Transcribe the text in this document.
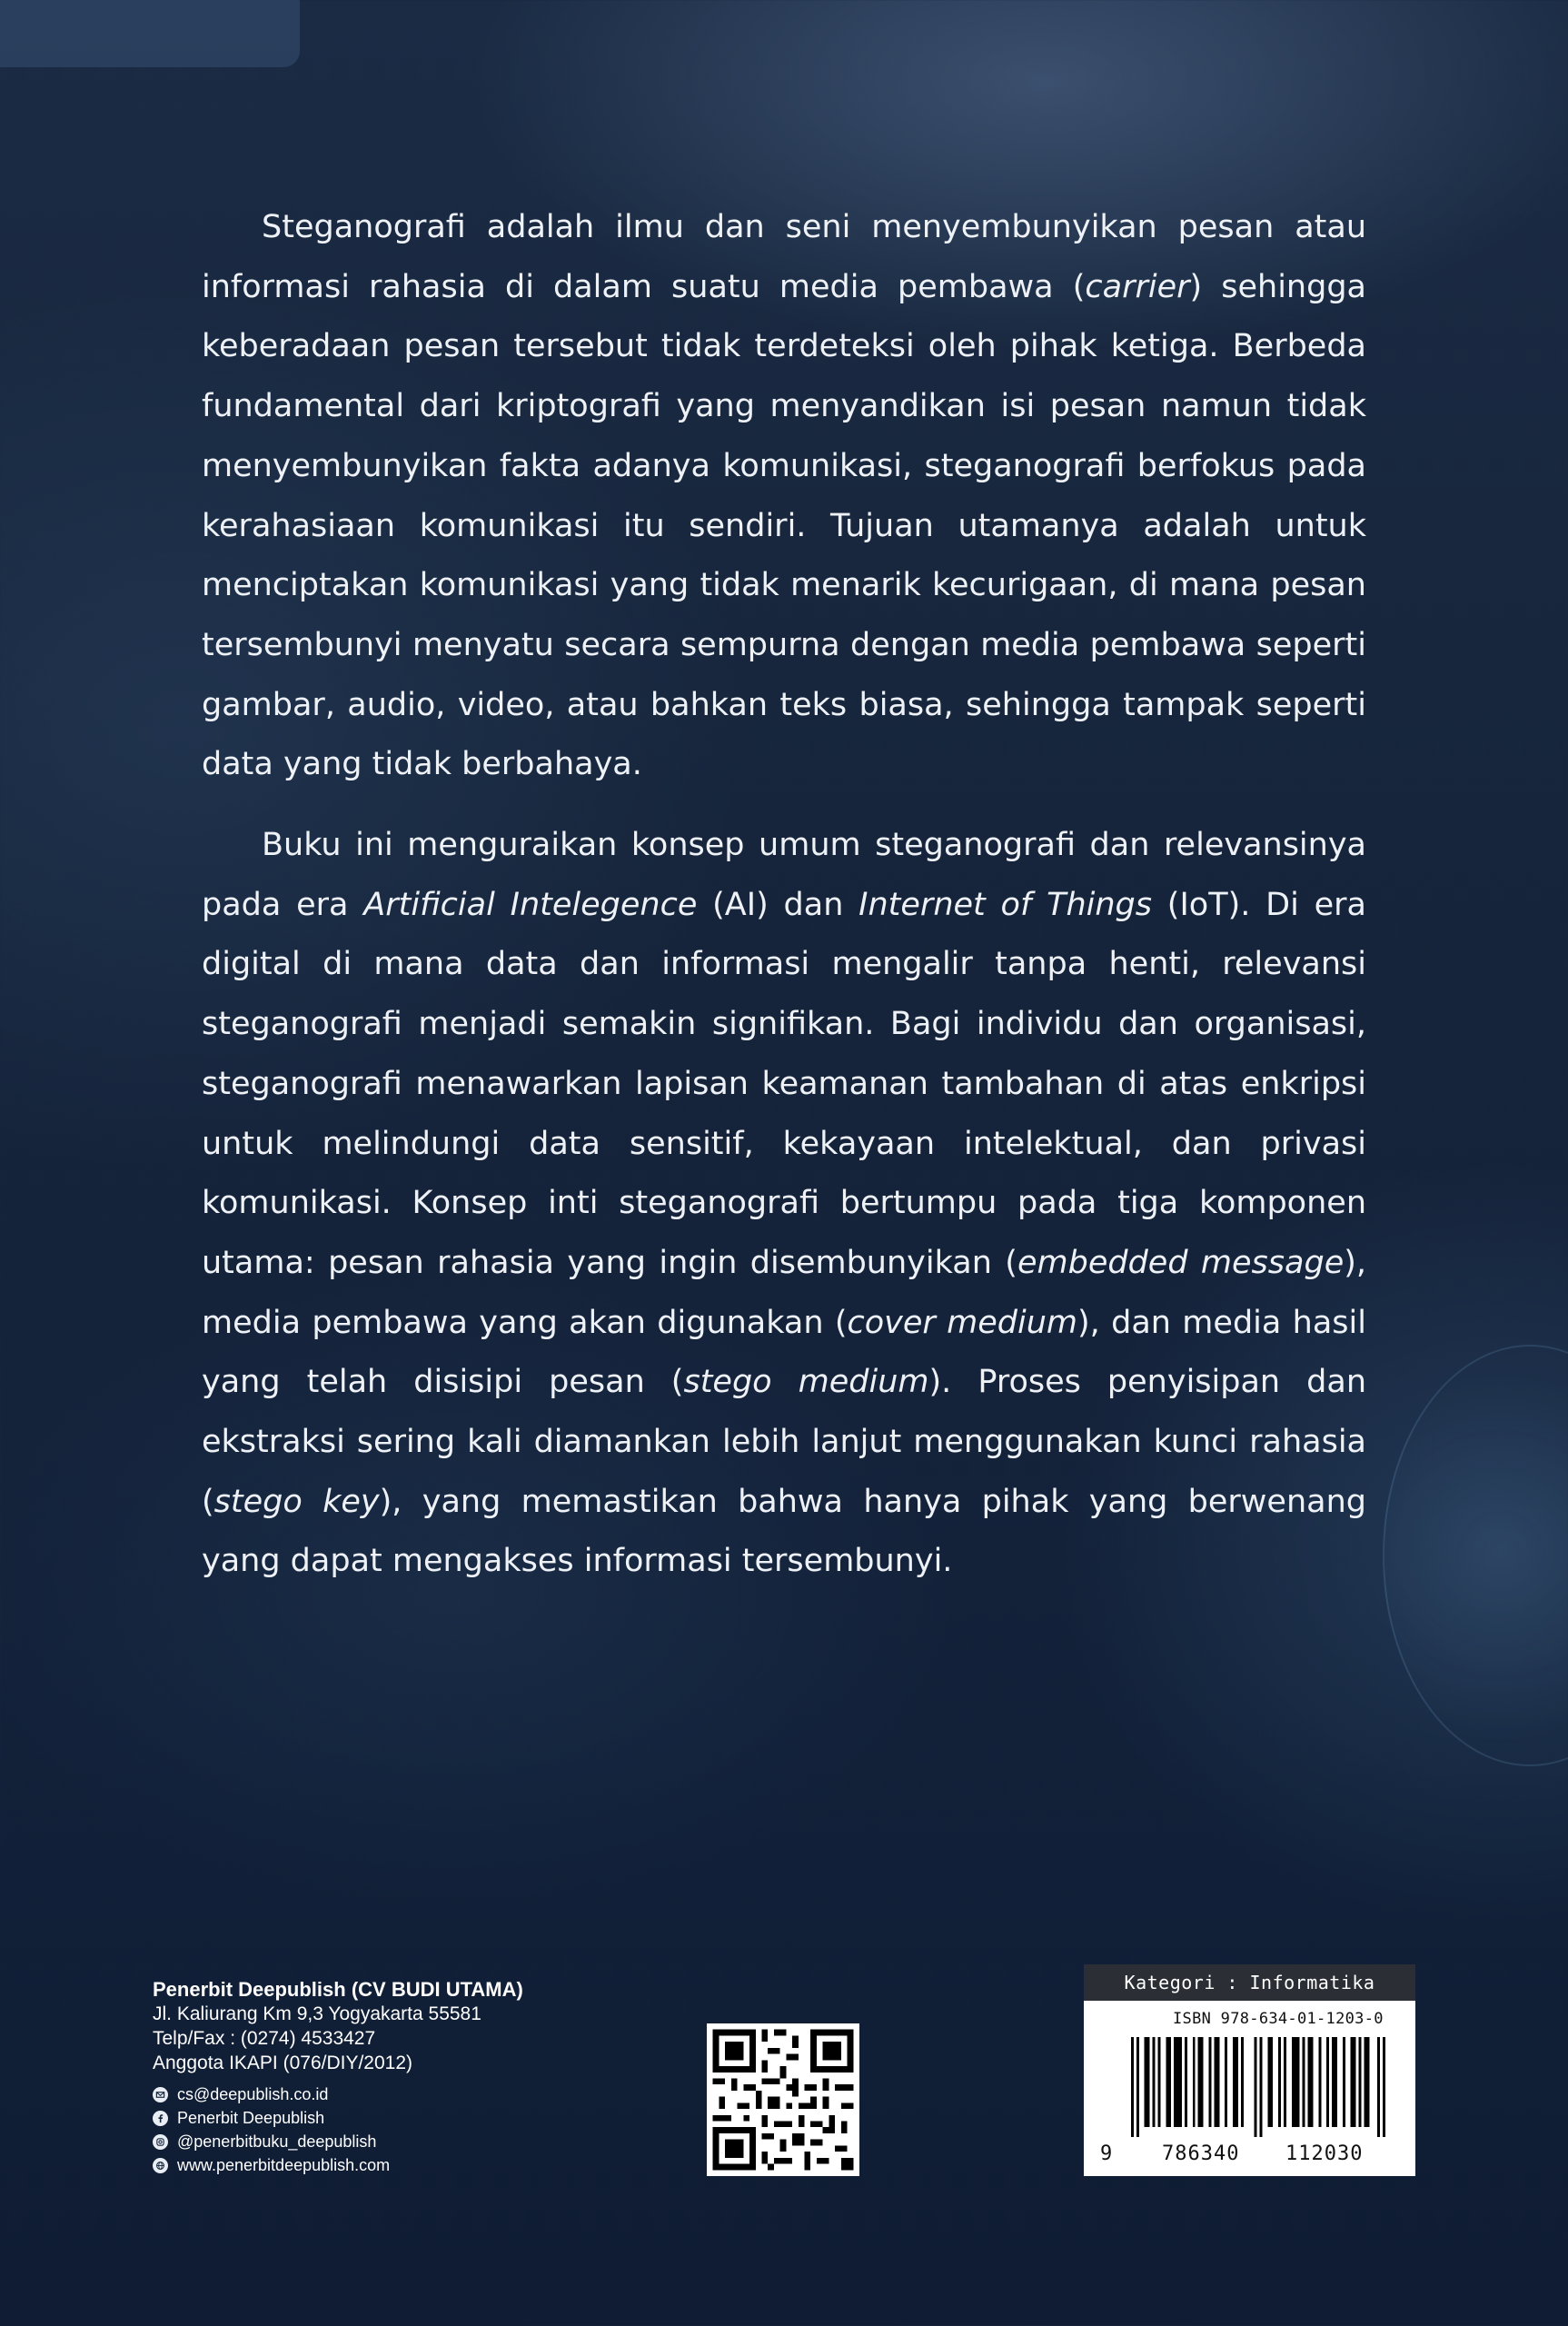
Steganografi adalah ilmu dan seni menyembunyikan pesan atau informasi rahasia di dalam suatu media pembawa (carrier) sehingga keberadaan pesan tersebut tidak terdeteksi oleh pihak ketiga. Berbeda fundamental dari kriptografi yang menyandikan isi pesan namun tidak menyembunyikan fakta adanya komunikasi, steganografi berfokus pada kerahasiaan komunikasi itu sendiri. Tujuan utamanya adalah untuk menciptakan komunikasi yang tidak menarik kecurigaan, di mana pesan tersembunyi menyatu secara sempurna dengan media pembawa seperti gambar, audio, video, atau bahkan teks biasa, sehingga tampak seperti data yang tidak berbahaya.

Buku ini menguraikan konsep umum steganografi dan relevansinya pada era Artificial Intelegence (AI) dan Internet of Things (IoT). Di era digital di mana data dan informasi mengalir tanpa henti, relevansi steganografi menjadi semakin signifikan. Bagi individu dan organisasi, steganografi menawarkan lapisan keamanan tambahan di atas enkripsi untuk melindungi data sensitif, kekayaan intelektual, dan privasi komunikasi. Konsep inti steganografi bertumpu pada tiga komponen utama: pesan rahasia yang ingin disembunyikan (embedded message), media pembawa yang akan digunakan (cover medium), dan media hasil yang telah disisipi pesan (stego medium). Proses penyisipan dan ekstraksi sering kali diamankan lebih lanjut menggunakan kunci rahasia (stego key), yang memastikan bahwa hanya pihak yang berwenang yang dapat mengakses informasi tersembunyi.

Penerbit Deepublish (CV BUDI UTAMA)
Jl. Kaliurang Km 9,3 Yogyakarta 55581
Telp/Fax : (0274) 4533427
Anggota IKAPI (076/DIY/2012)
cs@deepublish.co.id
Penerbit Deepublish
@penerbitbuku_deepublish
www.penerbitdeepublish.com
Kategori : Informatika
ISBN 978-634-01-1203-0
9 786340 112030
